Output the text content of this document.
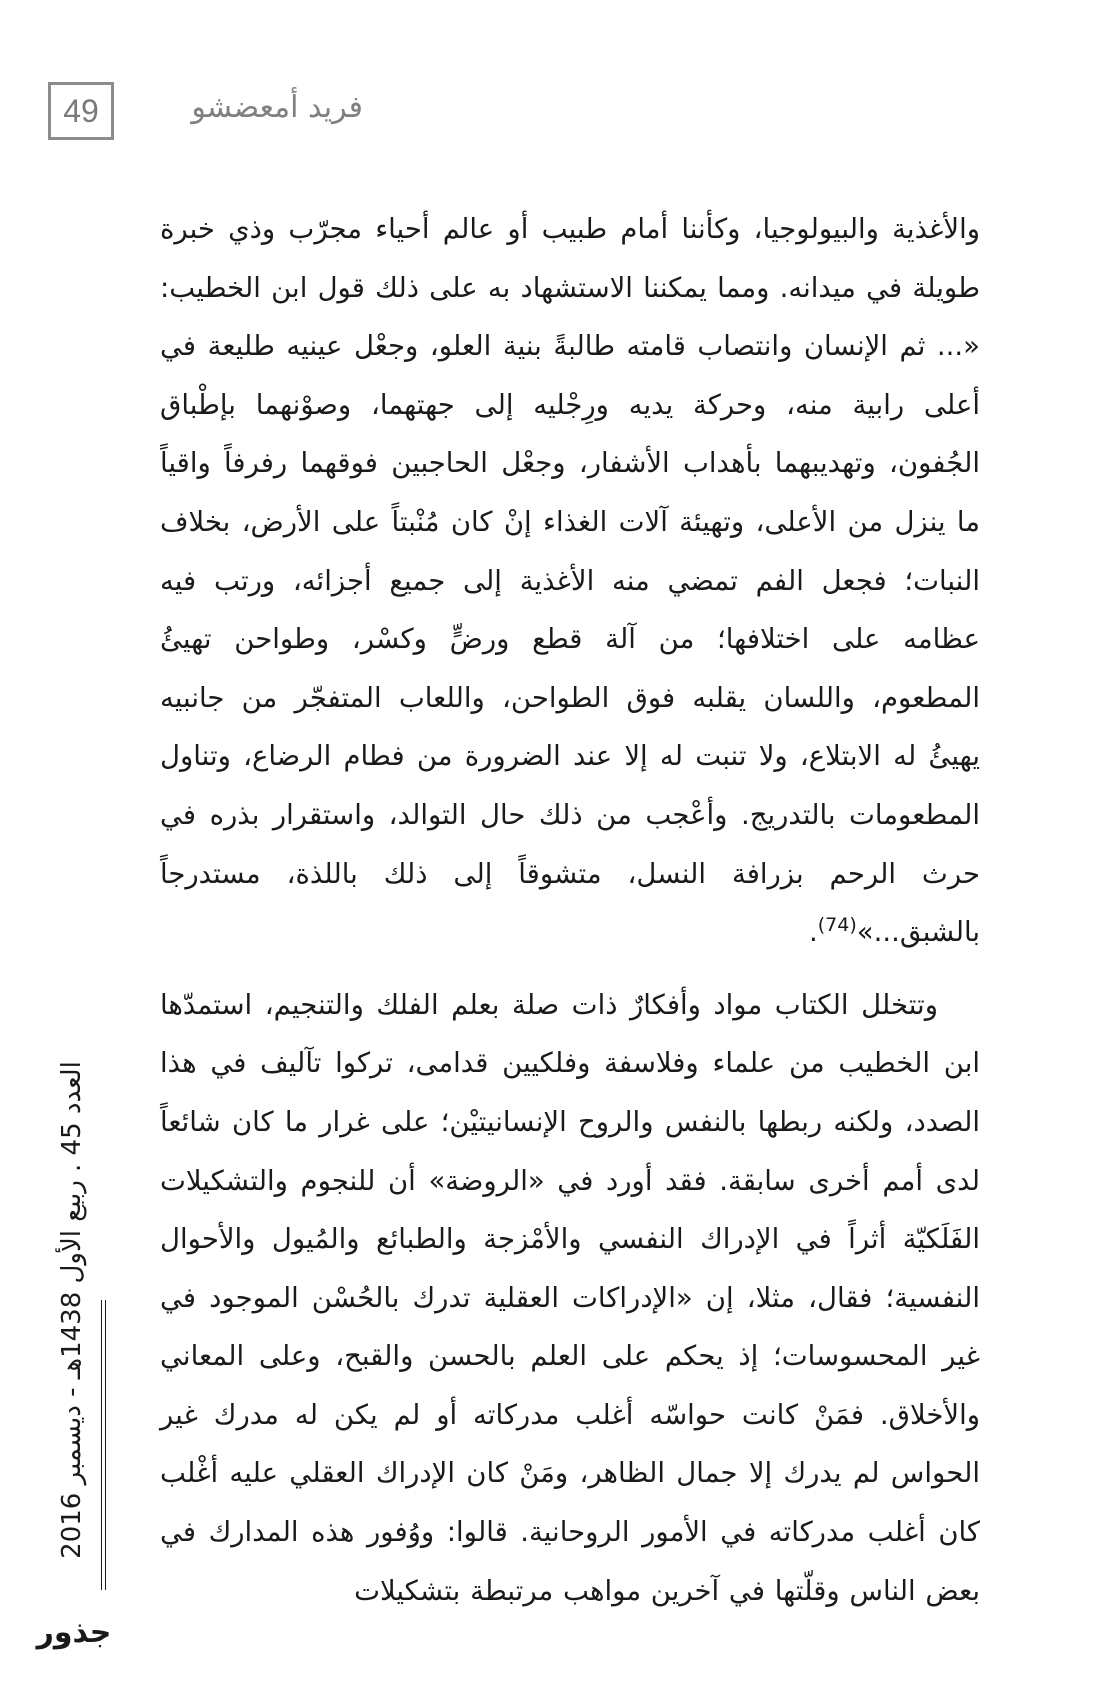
49	فريد أمعضشو

والأغذية والبيولوجيا، وكأننا أمام طبيب أو عالم أحياء مجرّب وذي خبرة طويلة في ميدانه. ومما يمكننا الاستشهاد به على ذلك قول ابن الخطيب: «... ثم الإنسان وانتصاب قامته طالبةً بنية العلو، وجعْل عينيه طليعة في أعلى رابية منه، وحركة يديه ورِجْليه إلى جهتهما، وصوْنهما بإطْباق الجُفون، وتهديبهما بأهداب الأشفار، وجعْل الحاجبين فوقهما رفرفاً واقياً ما ينزل من الأعلى، وتهيئة آلات الغذاء إنْ كان مُنْبتاً على الأرض، بخلاف النبات؛ فجعل الفم تمضي منه الأغذية إلى جميع أجزائه، ورتب فيه عظامه على اختلافها؛ من آلة قطع ورضٍّ وكسْر، وطواحن تهيئُ المطعوم، واللسان يقلبه فوق الطواحن، واللعاب المتفجّر من جانبيه يهيئُ له الابتلاع، ولا تنبت له إلا عند الضرورة من فطام الرضاع، وتناول المطعومات بالتدريج. وأعْجب من ذلك حال التوالد، واستقرار بذره في حرث الرحم بزرافة النسل، متشوقاً إلى ذلك باللذة، مستدرجاً بالشبق...»$^{(74)}$.

وتتخلل الكتاب مواد وأفكارٌ ذات صلة بعلم الفلك والتنجيم، استمدّها ابن الخطيب من علماء وفلاسفة وفلكيين قدامى، تركوا تآليف في هذا الصدد، ولكنه ربطها بالنفس والروح الإنسانيتيْن؛ على غرار ما كان شائعاً لدى أمم أخرى سابقة. فقد أورد في «الروضة» أن للنجوم والتشكيلات الفَلَكيّة أثراً في الإدراك النفسي والأمْزجة والطبائع والمُيول والأحوال النفسية؛ فقال، مثلا، إن «الإدراكات العقلية تدرك بالحُسْن الموجود في غير المحسوسات؛ إذ يحكم على العلم بالحسن والقبح، وعلى المعاني والأخلاق. فمَنْ كانت حواسّه أغلب مدركاته أو لم يكن له مدرك غير الحواس لم يدرك إلا جمال الظاهر، ومَنْ كان الإدراك العقلي عليه أغْلب كان أغلب مدركاته في الأمور الروحانية. قالوا: ووُفور هذه المدارك في بعض الناس وقلّتها في آخرين مواهب مرتبطة بتشكيلات

العدد 45 . ربيع الأول 1438هـ - ديسمبر 2016
جذور
